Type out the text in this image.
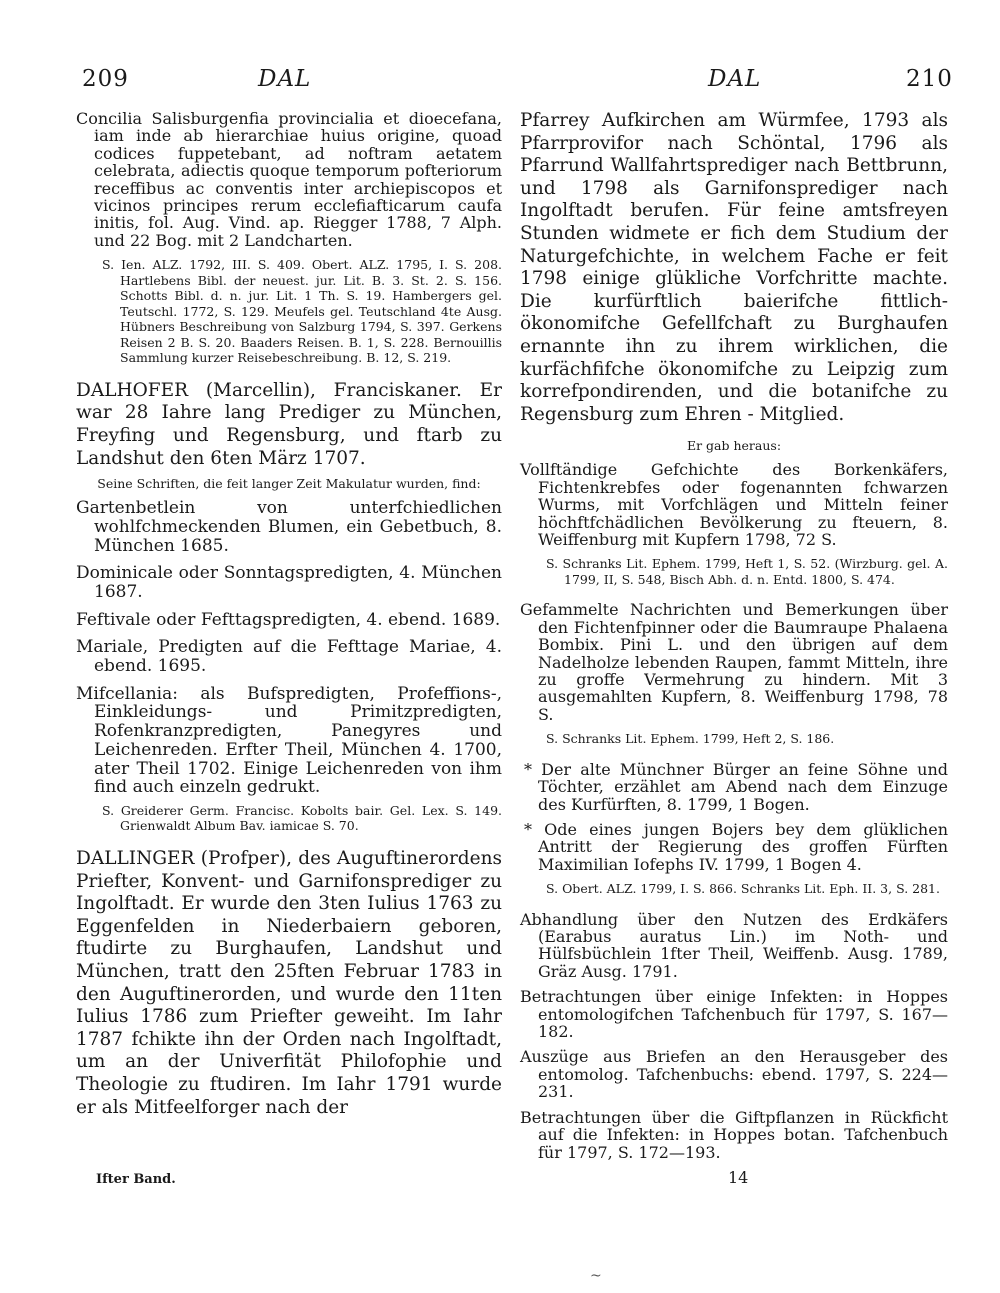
209	DAL	DAL	210

Concilia Salisburgenfia provincialia et dioecefana, iam inde ab hierarchiae huius origine, quoad codices fuppetebant, ad noftram aetatem celebrata, adiectis quoque temporum pofteriorum receffibus ac conventis inter archiepiscopos et vicinos principes rerum ecclefiafticarum caufa initis, fol. Aug. Vind. ap. Riegger 1788, 7 Alph. und 22 Bog. mit 2 Landcharten.

S. Ien. ALZ. 1792, III. S. 409. Obert. ALZ. 1795, I. S. 208. Hartlebens Bibl. der neuest. jur. Lit. B. 3. St. 2. S. 156. Schotts Bibl. d. n. jur. Lit. 1 Th. S. 19. Hambergers gel. Teutschl. 1772, S. 129. Meufels gel. Teutschland 4te Ausg. Hübners Beschreibung von Salzburg 1794, S. 397. Gerkens Reisen 2 B. S. 20. Baaders Reisen. B. 1, S. 228. Bernouillis Sammlung kurzer Reisebeschreibung. B. 12, S. 219.

DALHOFER (Marcellin), Franciskaner. Er war 28 Iahre lang Prediger zu München, Freyfing und Regensburg, und ftarb zu Landshut den 6ten März 1707.

Seine Schriften, die feit langer Zeit Makulatur wurden, find:

Gartenbetlein von unterfchiedlichen wohlfchmeckenden Blumen, ein Gebetbuch, 8. München 1685.

Dominicale oder Sonntagspredigten, 4. München 1687.

Feftivale oder Fefttagspredigten, 4. ebend. 1689.

Mariale, Predigten auf die Fefttage Mariae, 4. ebend. 1695.

Mifcellania: als Bufspredigten, Profeffions-, Einkleidungs- und Primitzpredigten, Rofenkranzpredigten, Panegyres und Leichenreden. Erfter Theil, München 4. 1700, ater Theil 1702. Einige Leichenreden von ihm find auch einzeln gedrukt.

S. Greiderer Germ. Francisc. Kobolts bair. Gel. Lex. S. 149. Grienwaldt Album Bav. iamicae S. 70.

DALLINGER (Profper), des Auguftinerordens Priefter, Konvent- und Garnifonsprediger zu Ingolftadt. Er wurde den 3ten Iulius 1763 zu Eggenfelden in Niederbaiern geboren, ftudirte zu Burghaufen, Landshut und München, tratt den 25ften Februar 1783 in den Auguftinerorden, und wurde den 11ten Iulius 1786 zum Priefter geweiht. Im Iahr 1787 fchikte ihn der Orden nach Ingolftadt, um an der Univerfität Philofophie und Theologie zu ftudiren. Im Iahr 1791 wurde er als Mitfeelforger nach der

Ifter Band.

Pfarrey Aufkirchen am Würmfee, 1793 als Pfarrprovifor nach Schöntal, 1796 als Pfarrund Wallfahrtsprediger nach Bettbrunn, und 1798 als Garnifonsprediger nach Ingolftadt berufen. Für feine amtsfreyen Stunden widmete er fich dem Studium der Naturgefchichte, in welchem Fache er feit 1798 einige glükliche Vorfchritte machte. Die kurfürftlich baierifche fittlich-ökonomifche Gefellfchaft zu Burghaufen ernannte ihn zu ihrem wirklichen, die kurfächfifche ökonomifche zu Leipzig zum korrefpondirenden, und die botanifche zu Regensburg zum Ehren - Mitglied.

Er gab heraus:

Vollftändige Gefchichte des Borkenkäfers, Fichtenkrebfes oder fogenannten fchwarzen Wurms, mit Vorfchlägen und Mitteln feiner höchftfchädlichen Bevölkerung zu fteuern, 8. Weiffenburg mit Kupfern 1798, 72 S.

S. Schranks Lit. Ephem. 1799, Heft 1, S. 52. (Wirzburg. gel. A. 1799, II, S. 548, Bisch Abh. d. n. Entd. 1800, S. 474.

Gefammelte Nachrichten und Bemerkungen über den Fichtenfpinner oder die Baumraupe Phalaena Bombix. Pini L. und den übrigen auf dem Nadelholze lebenden Raupen, fammt Mitteln, ihre zu groffe Vermehrung zu hindern. Mit 3 ausgemahlten Kupfern, 8. Weiffenburg 1798, 78 S.

S. Schranks Lit. Ephem. 1799, Heft 2, S. 186.

* Der alte Münchner Bürger an feine Söhne und Töchter, erzählet am Abend nach dem Einzuge des Kurfürften, 8. 1799, 1 Bogen.

* Ode eines jungen Bojers bey dem glüklichen Antritt der Regierung des groffen Fürften Maximilian Iofephs IV. 1799, 1 Bogen 4.

S. Obert. ALZ. 1799, I. S. 866. Schranks Lit. Eph. II. 3, S. 281.

Abhandlung über den Nutzen des Erdkäfers (Earabus auratus Lin.) im Noth- und Hülfsbüchlein 1fter Theil, Weiffenb. Ausg. 1789, Gräz Ausg. 1791.

Betrachtungen über einige Infekten: in Hoppes entomologifchen Tafchenbuch für 1797, S. 167—182.

Auszüge aus Briefen an den Herausgeber des entomolog. Tafchenbuchs: ebend. 1797, S. 224—231.

Betrachtungen über die Giftpflanzen in Rückficht auf die Infekten: in Hoppes botan. Tafchenbuch für 1797, S. 172—193.

14
~
